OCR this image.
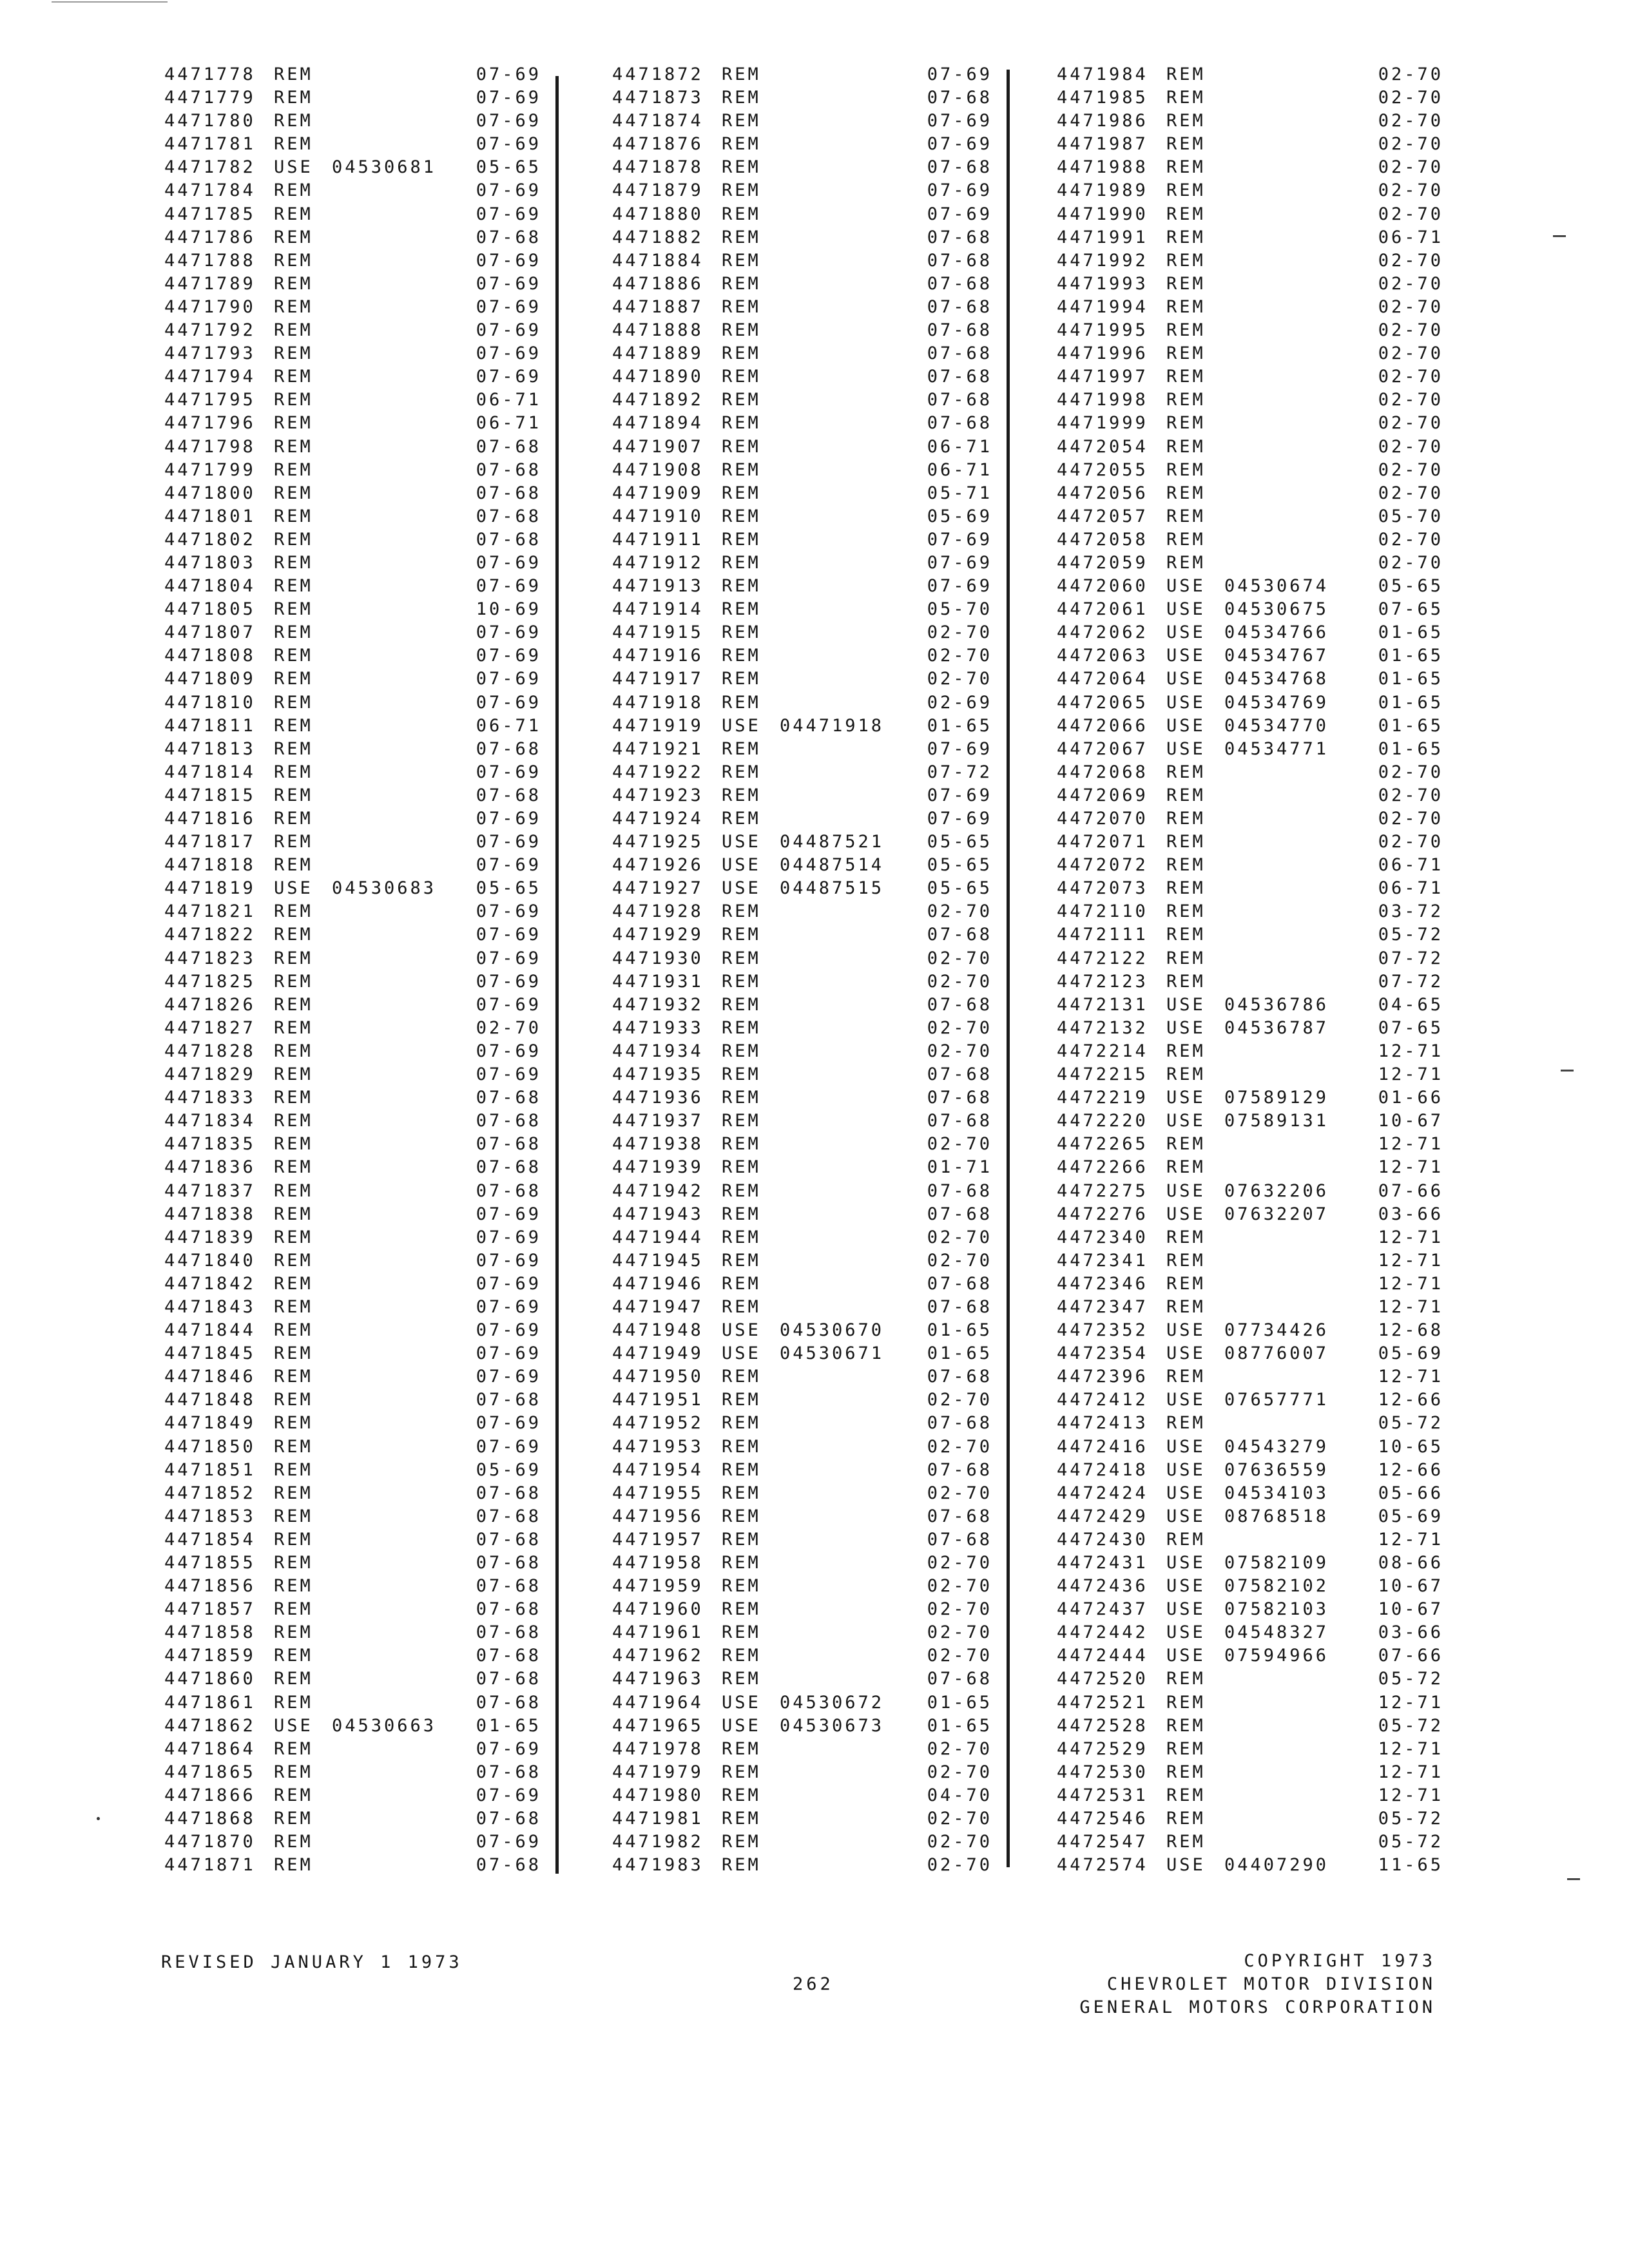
4471778 REM	07-69
4471779 REM	07-69
4471780 REM	07-69
4471781 REM	07-69
4471782 USE 04530681 05-65
4471784 REM	07-69
4471785 REM	07-69
4471786 REM	07-68
4471788 REM	07-69
4471789 REM	07-69
4471790 REM	07-69
4471792 REM	07-69
4471793 REM	07-69
4471794 REM	07-69
4471795 REM	06-71
4471796 REM	06-71
4471798 REM	07-68
4471799 REM	07-68
4471800 REM	07-68
4471801 REM	07-68
4471802 REM	07-68
4471803 REM	07-69
4471804 REM	07-69
4471805 REM	10-69
4471807 REM	07-69
4471808 REM	07-69
4471809 REM	07-69
4471810 REM	07-69
4471811 REM	06-71
4471813 REM	07-68
4471814 REM	07-69
4471815 REM	07-68
4471816 REM	07-69
4471817 REM	07-69
4471818 REM	07-69
4471819 USE 04530683 05-65
4471821 REM	07-69
4471822 REM	07-69
4471823 REM	07-69
4471825 REM	07-69
4471826 REM	07-69
4471827 REM	02-70
4471828 REM	07-69
4471829 REM	07-69
4471833 REM	07-68
4471834 REM	07-68
4471835 REM	07-68
4471836 REM	07-68
4471837 REM	07-68
4471838 REM	07-69
4471839 REM	07-69
4471840 REM	07-69
4471842 REM	07-69
4471843 REM	07-69
4471844 REM	07-69
4471845 REM	07-69
4471846 REM	07-69
4471848 REM	07-68
4471849 REM	07-69
4471850 REM	07-69
4471851 REM	05-69
4471852 REM	07-68
4471853 REM	07-68
4471854 REM	07-68
4471855 REM	07-68
4471856 REM	07-68
4471857 REM	07-68
4471858 REM	07-68
4471859 REM	07-68
4471860 REM	07-68
4471861 REM	07-68
4471862 USE 04530663 01-65
4471864 REM	07-69
4471865 REM	07-68
4471866 REM	07-69
4471868 REM	07-68
4471870 REM	07-69
4471871 REM	07-68
4471872 REM	07-69
4471873 REM	07-68
4471874 REM	07-69
4471876 REM	07-69
4471878 REM	07-68
4471879 REM	07-69
4471880 REM	07-69
4471882 REM	07-68
4471884 REM	07-68
4471886 REM	07-68
4471887 REM	07-68
4471888 REM	07-68
4471889 REM	07-68
4471890 REM	07-68
4471892 REM	07-68
4471894 REM	07-68
4471907 REM	06-71
4471908 REM	06-71
4471909 REM	05-71
4471910 REM	05-69
4471911 REM	07-69
4471912 REM	07-69
4471913 REM	07-69
4471914 REM	05-70
4471915 REM	02-70
4471916 REM	02-70
4471917 REM	02-70
4471918 REM	02-69
4471919 USE 04471918 01-65
4471921 REM	07-69
4471922 REM	07-72
4471923 REM	07-69
4471924 REM	07-69
4471925 USE 04487521 05-65
4471926 USE 04487514 05-65
4471927 USE 04487515 05-65
4471928 REM	02-70
4471929 REM	07-68
4471930 REM	02-70
4471931 REM	02-70
4471932 REM	07-68
4471933 REM	02-70
4471934 REM	02-70
4471935 REM	07-68
4471936 REM	07-68
4471937 REM	07-68
4471938 REM	02-70
4471939 REM	01-71
4471942 REM	07-68
4471943 REM	07-68
4471944 REM	02-70
4471945 REM	02-70
4471946 REM	07-68
4471947 REM	07-68
4471948 USE 04530670 01-65
4471949 USE 04530671 01-65
4471950 REM	07-68
4471951 REM	02-70
4471952 REM	07-68
4471953 REM	02-70
4471954 REM	07-68
4471955 REM	02-70
4471956 REM	07-68
4471957 REM	07-68
4471958 REM	02-70
4471959 REM	02-70
4471960 REM	02-70
4471961 REM	02-70
4471962 REM	02-70
4471963 REM	07-68
4471964 USE 04530672 01-65
4471965 USE 04530673 01-65
4471978 REM	02-70
4471979 REM	02-70
4471980 REM	04-70
4471981 REM	02-70
4471982 REM	02-70
4471983 REM	02-70
4471984 REM	02-70
4471985 REM	02-70
4471986 REM	02-70
4471987 REM	02-70
4471988 REM	02-70
4471989 REM	02-70
4471990 REM	02-70
4471991 REM	06-71
4471992 REM	02-70
4471993 REM	02-70
4471994 REM	02-70
4471995 REM	02-70
4471996 REM	02-70
4471997 REM	02-70
4471998 REM	02-70
4471999 REM	02-70
4472054 REM	02-70
4472055 REM	02-70
4472056 REM	02-70
4472057 REM	05-70
4472058 REM	02-70
4472059 REM	02-70
4472060 USE 04530674	05-65
4472061 USE 04530675	07-65
4472062 USE 04534766	01-65
4472063 USE 04534767	01-65
4472064 USE 04534768	01-65
4472065 USE 04534769	01-65
4472066 USE 04534770	01-65
4472067 USE 04534771	01-65
4472068 REM	02-70
4472069 REM	02-70
4472070 REM	02-70
4472071 REM	02-70
4472072 REM	06-71
4472073 REM	06-71
4472110 REM	03-72
4472111 REM	05-72
4472122 REM	07-72
4472123 REM	07-72
4472131 USE 04536786	04-65
4472132 USE 04536787	07-65
4472214 REM	12-71
4472215 REM	12-71
4472219 USE 07589129	01-66
4472220 USE 07589131	10-67
4472265 REM	12-71
4472266 REM	12-71
4472275 USE 07632206	07-66
4472276 USE 07632207	03-66
4472340 REM	12-71
4472341 REM	12-71
4472346 REM	12-71
4472347 REM	12-71
4472352 USE 07734426	12-68
4472354 USE 08776007	05-69
4472396 REM	12-71
4472412 USE 07657771	12-66
4472413 REM	05-72
4472416 USE 04543279	10-65
4472418 USE 07636559	12-66
4472424 USE 04534103	05-66
4472429 USE 08768518	05-69
4472430 REM	12-71
4472431 USE 07582109	08-66
4472436 USE 07582102	10-67
4472437 USE 07582103	10-67
4472442 USE 04548327	03-66
4472444 USE 07594966	07-66
4472520 REM	05-72
4472521 REM	12-71
4472528 REM	05-72
4472529 REM	12-71
4472530 REM	12-71
4472531 REM	12-71
4472546 REM	05-72
4472547 REM	05-72
4472574 USE 04407290	11-65
REVISED JANUARY 1 1973
262
COPYRIGHT 1973
CHEVROLET MOTOR DIVISION
GENERAL MOTORS CORPORATION
